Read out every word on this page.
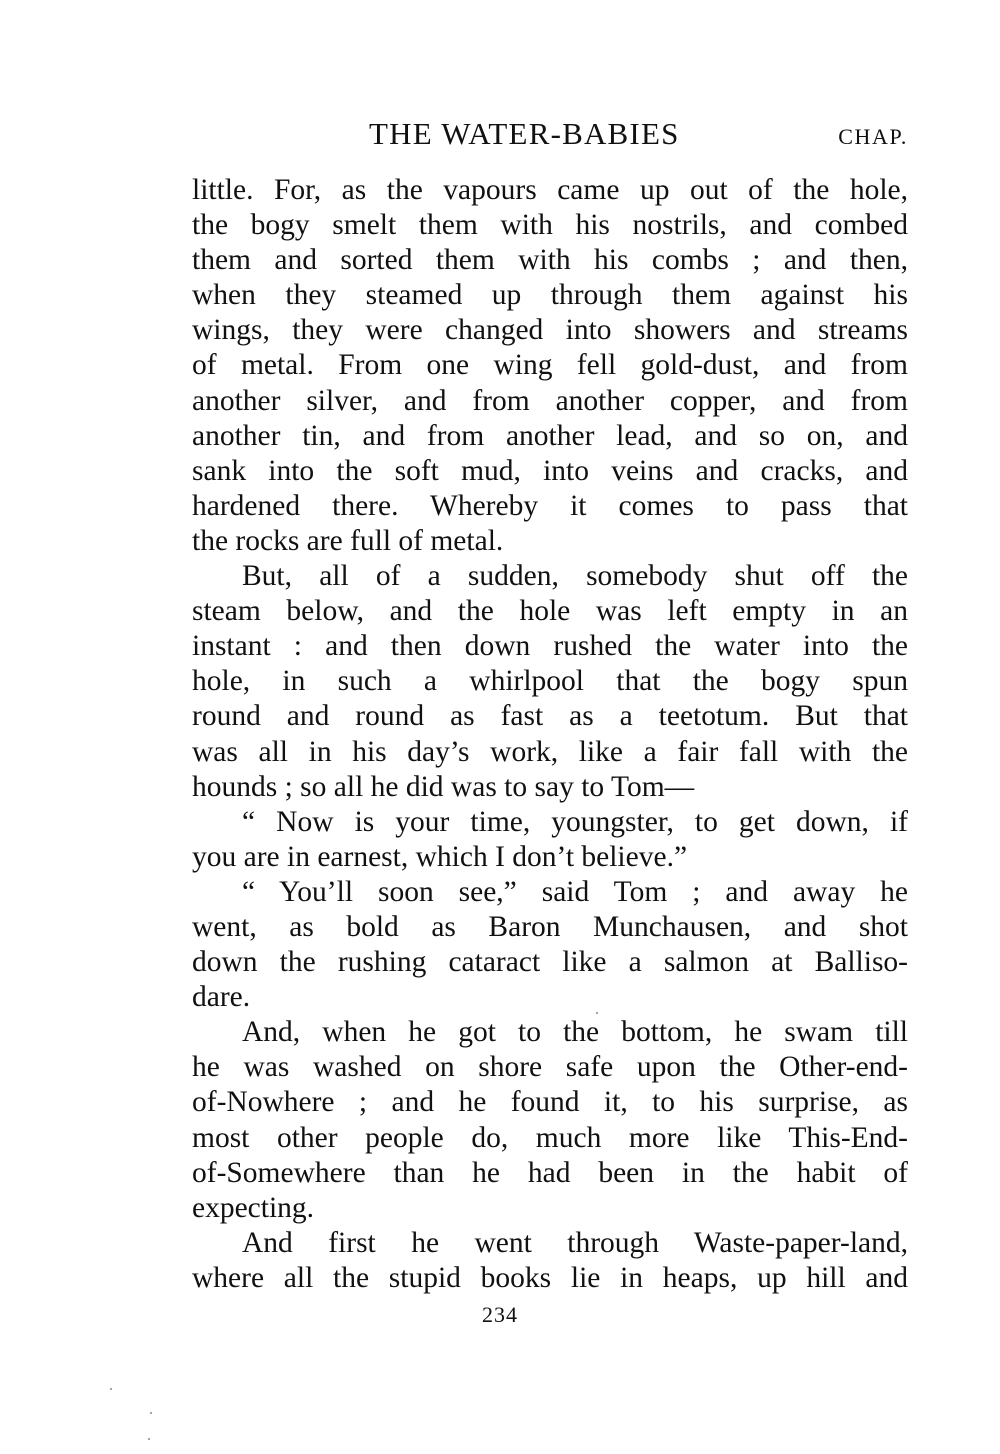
THE WATER-BABIES	CHAP.
little. For, as the vapours came up out of the hole,
the bogy smelt them with his nostrils, and combed
them and sorted them with his combs ; and then,
when they steamed up through them against his
wings, they were changed into showers and streams
of metal. From one wing fell gold-dust, and from
another silver, and from another copper, and from
another tin, and from another lead, and so on, and
sank into the soft mud, into veins and cracks, and
hardened there. Whereby it comes to pass that
the rocks are full of metal.
But, all of a sudden, somebody shut off the
steam below, and the hole was left empty in an
instant : and then down rushed the water into the
hole, in such a whirlpool that the bogy spun
round and round as fast as a teetotum. But that
was all in his day’s work, like a fair fall with the
hounds ; so all he did was to say to Tom—
“ Now is your time, youngster, to get down, if
you are in earnest, which I don’t believe.”
“ You’ll soon see,” said Tom ; and away he
went, as bold as Baron Munchausen, and shot
down the rushing cataract like a salmon at Balliso-
dare.
And, when he got to the bottom, he swam till
he was washed on shore safe upon the Other-end-
of-Nowhere ; and he found it, to his surprise, as
most other people do, much more like This-End-
of-Somewhere than he had been in the habit of
expecting.
And first he went through Waste-paper-land,
where all the stupid books lie in heaps, up hill and
234
